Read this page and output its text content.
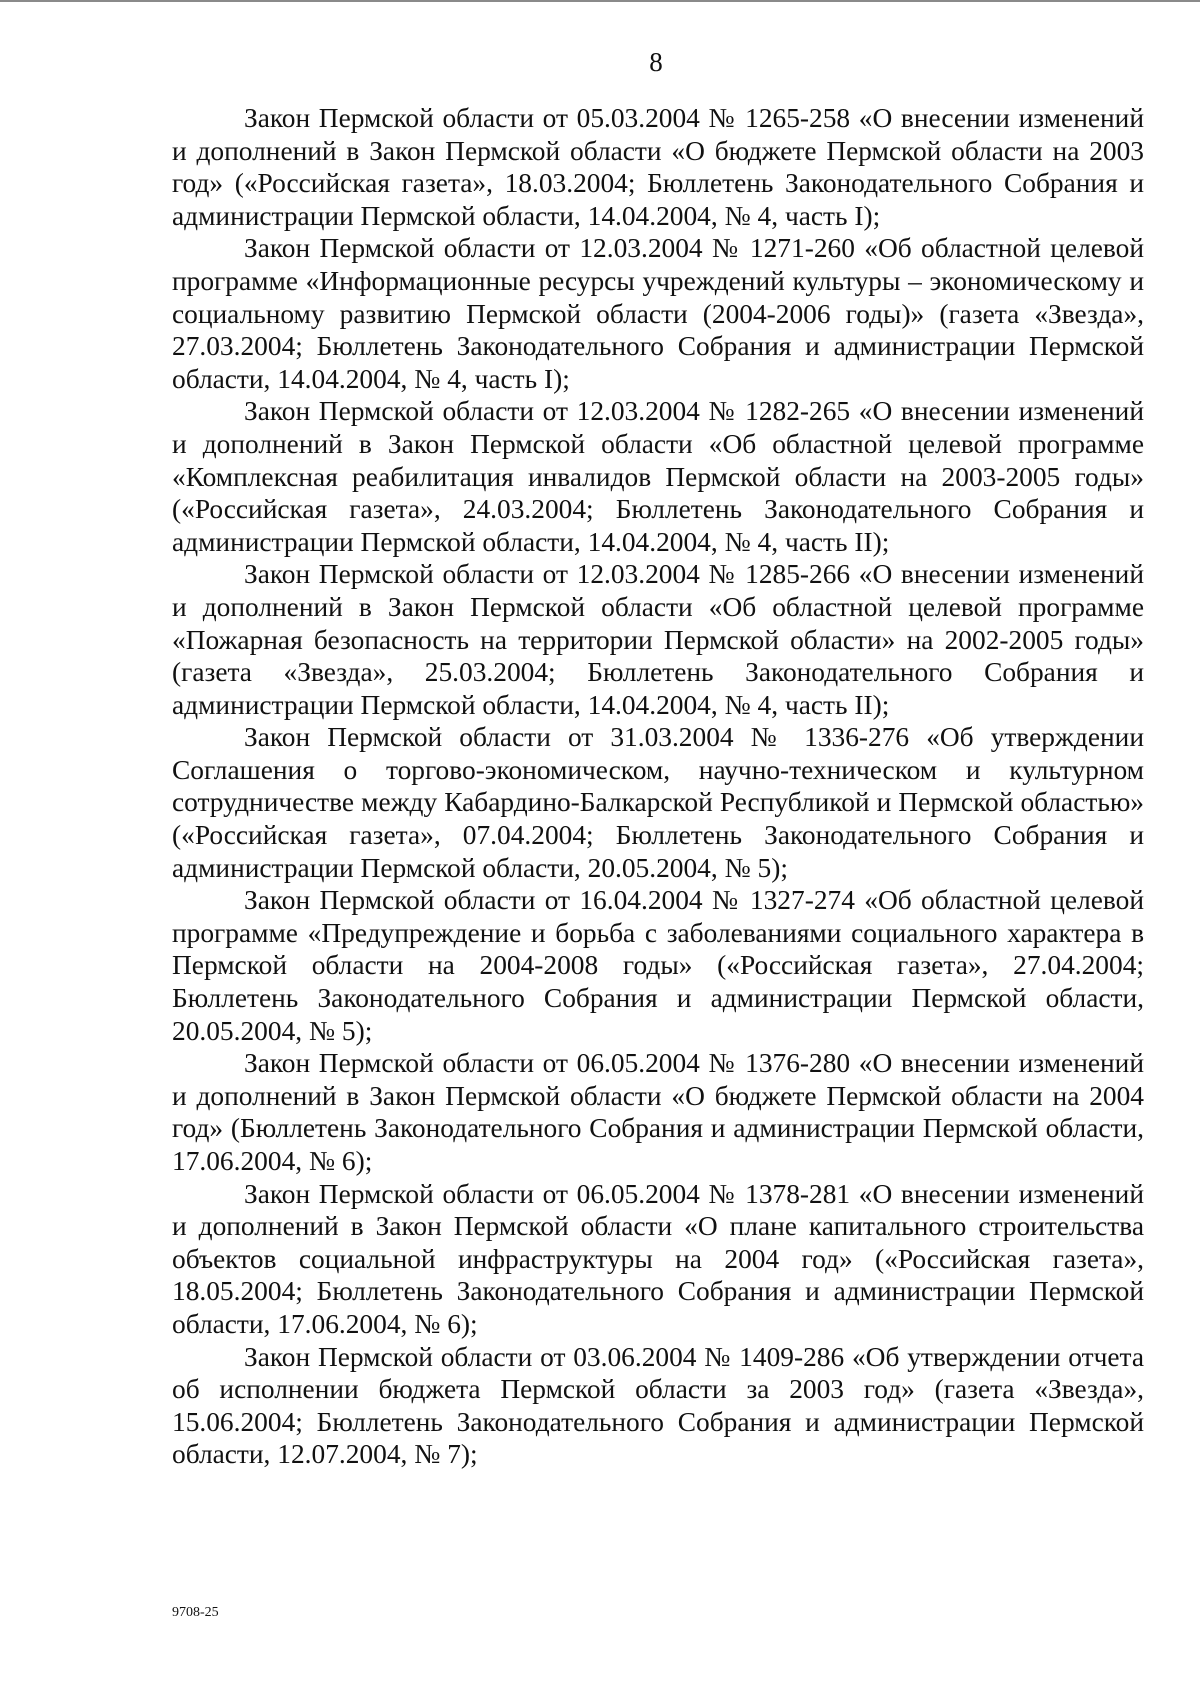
8

Закон Пермской области от 05.03.2004 № 1265-258 «О внесении изменений и дополнений в Закон Пермской области «О бюджете Пермской области на 2003 год» («Российская газета», 18.03.2004; Бюллетень Законодательного Собрания и администрации Пермской области, 14.04.2004, № 4, часть I);

Закон Пермской области от 12.03.2004 № 1271-260 «Об областной целевой программе «Информационные ресурсы учреждений культуры – экономическому и социальному развитию Пермской области (2004-2006 годы)» (газета «Звезда», 27.03.2004; Бюллетень Законодательного Собрания и администрации Пермской области, 14.04.2004, № 4, часть I);

Закон Пермской области от 12.03.2004 № 1282-265 «О внесении изменений и дополнений в Закон Пермской области «Об областной целевой программе «Комплексная реабилитация инвалидов Пермской области на 2003-2005 годы» («Российская газета», 24.03.2004; Бюллетень Законодательного Собрания и администрации Пермской области, 14.04.2004, № 4, часть II);

Закон Пермской области от 12.03.2004 № 1285-266 «О внесении изменений и дополнений в Закон Пермской области «Об областной целевой программе «Пожарная безопасность на территории Пермской области» на 2002-2005 годы» (газета «Звезда», 25.03.2004; Бюллетень Законодательного Собрания и администрации Пермской области, 14.04.2004, № 4, часть II);

Закон Пермской области от 31.03.2004 № 1336-276 «Об утверждении Соглашения о торгово-экономическом, научно-техническом и культурном сотрудничестве между Кабардино-Балкарской Республикой и Пермской областью» («Российская газета», 07.04.2004; Бюллетень Законодательного Собрания и администрации Пермской области, 20.05.2004, № 5);

Закон Пермской области от 16.04.2004 № 1327-274 «Об областной целевой программе «Предупреждение и борьба с заболеваниями социального характера в Пермской области на 2004-2008 годы» («Российская газета», 27.04.2004; Бюллетень Законодательного Собрания и администрации Пермской области, 20.05.2004, № 5);

Закон Пермской области от 06.05.2004 № 1376-280 «О внесении изменений и дополнений в Закон Пермской области «О бюджете Пермской области на 2004 год» (Бюллетень Законодательного Собрания и администрации Пермской области, 17.06.2004, № 6);

Закон Пермской области от 06.05.2004 № 1378-281 «О внесении изменений и дополнений в Закон Пермской области «О плане капитального строительства объектов социальной инфраструктуры на 2004 год» («Российская газета», 18.05.2004; Бюллетень Законодательного Собрания и администрации Пермской области, 17.06.2004, № 6);

Закон Пермской области от 03.06.2004 № 1409-286 «Об утверждении отчета об исполнении бюджета Пермской области за 2003 год» (газета «Звезда», 15.06.2004; Бюллетень Законодательного Собрания и администрации Пермской области, 12.07.2004, № 7);

9708-25
